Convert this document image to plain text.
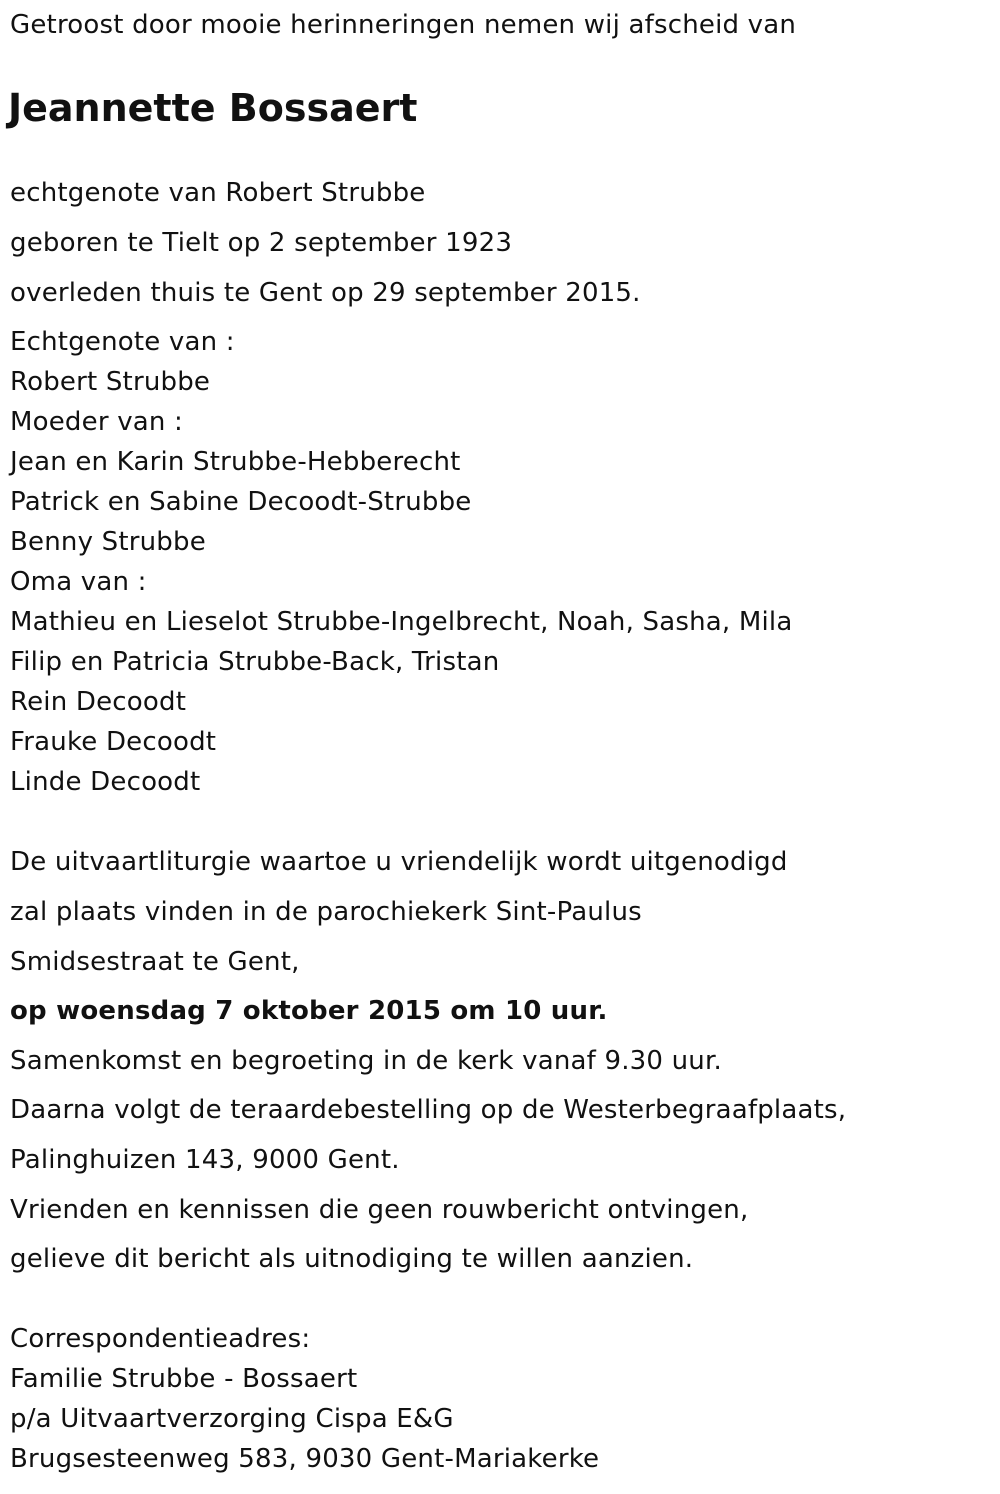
Getroost door mooie herinneringen nemen wij afscheid van

Jeannette Bossaert

echtgenote van Robert Strubbe

geboren te Tielt op 2 september 1923

overleden thuis te Gent op 29 september 2015.

Echtgenote van :

Robert Strubbe

Moeder van :

Jean en Karin Strubbe-Hebberecht

Patrick en Sabine Decoodt-Strubbe

Benny Strubbe

Oma van :

Mathieu en Lieselot Strubbe-Ingelbrecht, Noah, Sasha, Mila

Filip en Patricia Strubbe-Back, Tristan

Rein Decoodt

Frauke Decoodt

Linde Decoodt

De uitvaartliturgie waartoe u vriendelijk wordt uitgenodigd

zal plaats vinden in de parochiekerk Sint-Paulus

Smidsestraat te Gent,

op woensdag 7 oktober 2015 om 10 uur.

Samenkomst en begroeting in de kerk vanaf 9.30 uur.

Daarna volgt de teraardebestelling op de Westerbegraafplaats,

Palinghuizen 143, 9000 Gent.

Vrienden en kennissen die geen rouwbericht ontvingen,

gelieve dit bericht als uitnodiging te willen aanzien.

Correspondentieadres:

Familie Strubbe - Bossaert

p/a Uitvaartverzorging Cispa E&G

Brugsesteenweg 583, 9030 Gent-Mariakerke
